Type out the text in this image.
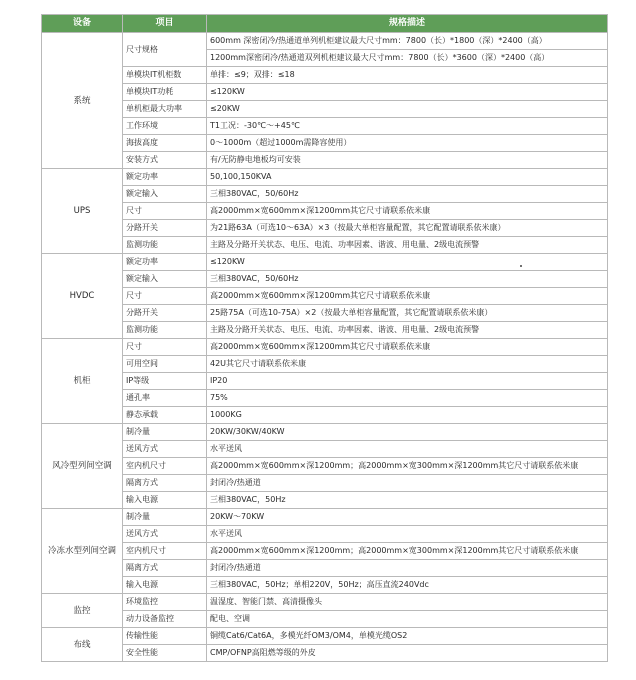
设备	项目	规格描述
系统	尺寸规格	600mm 深密闭冷/热通道单列机柜建议最大尺寸mm：7800（长）*1800（深）*2400（高）
		1200mm深密闭冷/热通道双列机柜建议最大尺寸mm：7800（长）*3600（深）*2400（高）
	单模块IT机柜数	单排：≤9；双排：≤18
	单模块IT功耗	≤120KW
	单机柜最大功率	≤20KW
	工作环境	T1工况：-30℃～+45℃
	海拔高度	0～1000m（超过1000m需降容使用）
	安装方式	有/无防静电地板均可安装
UPS	额定功率	50,100,150KVA
	额定输入	三相380VAC，50/60Hz
	尺寸	高2000mm×宽600mm×深1200mm其它尺寸请联系依米康
	分路开关	为21路63A（可选10～63A）×3（按最大单柜容量配置，其它配置请联系依米康）
	监测功能	主路及分路开关状态、电压、电流、功率因素、谐波、用电量、2级电流预警
HVDC	额定功率	≤120KW
	额定输入	三相380VAC，50/60Hz
	尺寸	高2000mm×宽600mm×深1200mm其它尺寸请联系依米康
	分路开关	25路75A（可选10-75A）×2（按最大单柜容量配置，其它配置请联系依米康）
	监测功能	主路及分路开关状态、电压、电流、功率因素、谐波、用电量、2级电流预警
机柜	尺寸	高2000mm×宽600mm×深1200mm其它尺寸请联系依米康
	可用空间	42U其它尺寸请联系依米康
	IP等级	IP20
	通孔率	75%
	静态承载	1000KG
风冷型列间空调	制冷量	20KW/30KW/40KW
	送风方式	水平送风
	室内机尺寸	高2000mm×宽600mm×深1200mm；高2000mm×宽300mm×深1200mm其它尺寸请联系依米康
	隔离方式	封闭冷/热通道
	输入电源	三相380VAC，50Hz
冷冻水型列间空调	制冷量	20KW～70KW
	送风方式	水平送风
	室内机尺寸	高2000mm×宽600mm×深1200mm；高2000mm×宽300mm×深1200mm其它尺寸请联系依米康
	隔离方式	封闭冷/热通道
	输入电源	三相380VAC，50Hz；单相220V，50Hz；高压直流240Vdc
监控	环境监控	温湿度、智能门禁、高清摄像头
	动力设备监控	配电、空调
布线	传输性能	铜缆Cat6/Cat6A，多模光纤OM3/OM4，单模光缆OS2
	安全性能	CMP/OFNP高阻燃等级的外皮
